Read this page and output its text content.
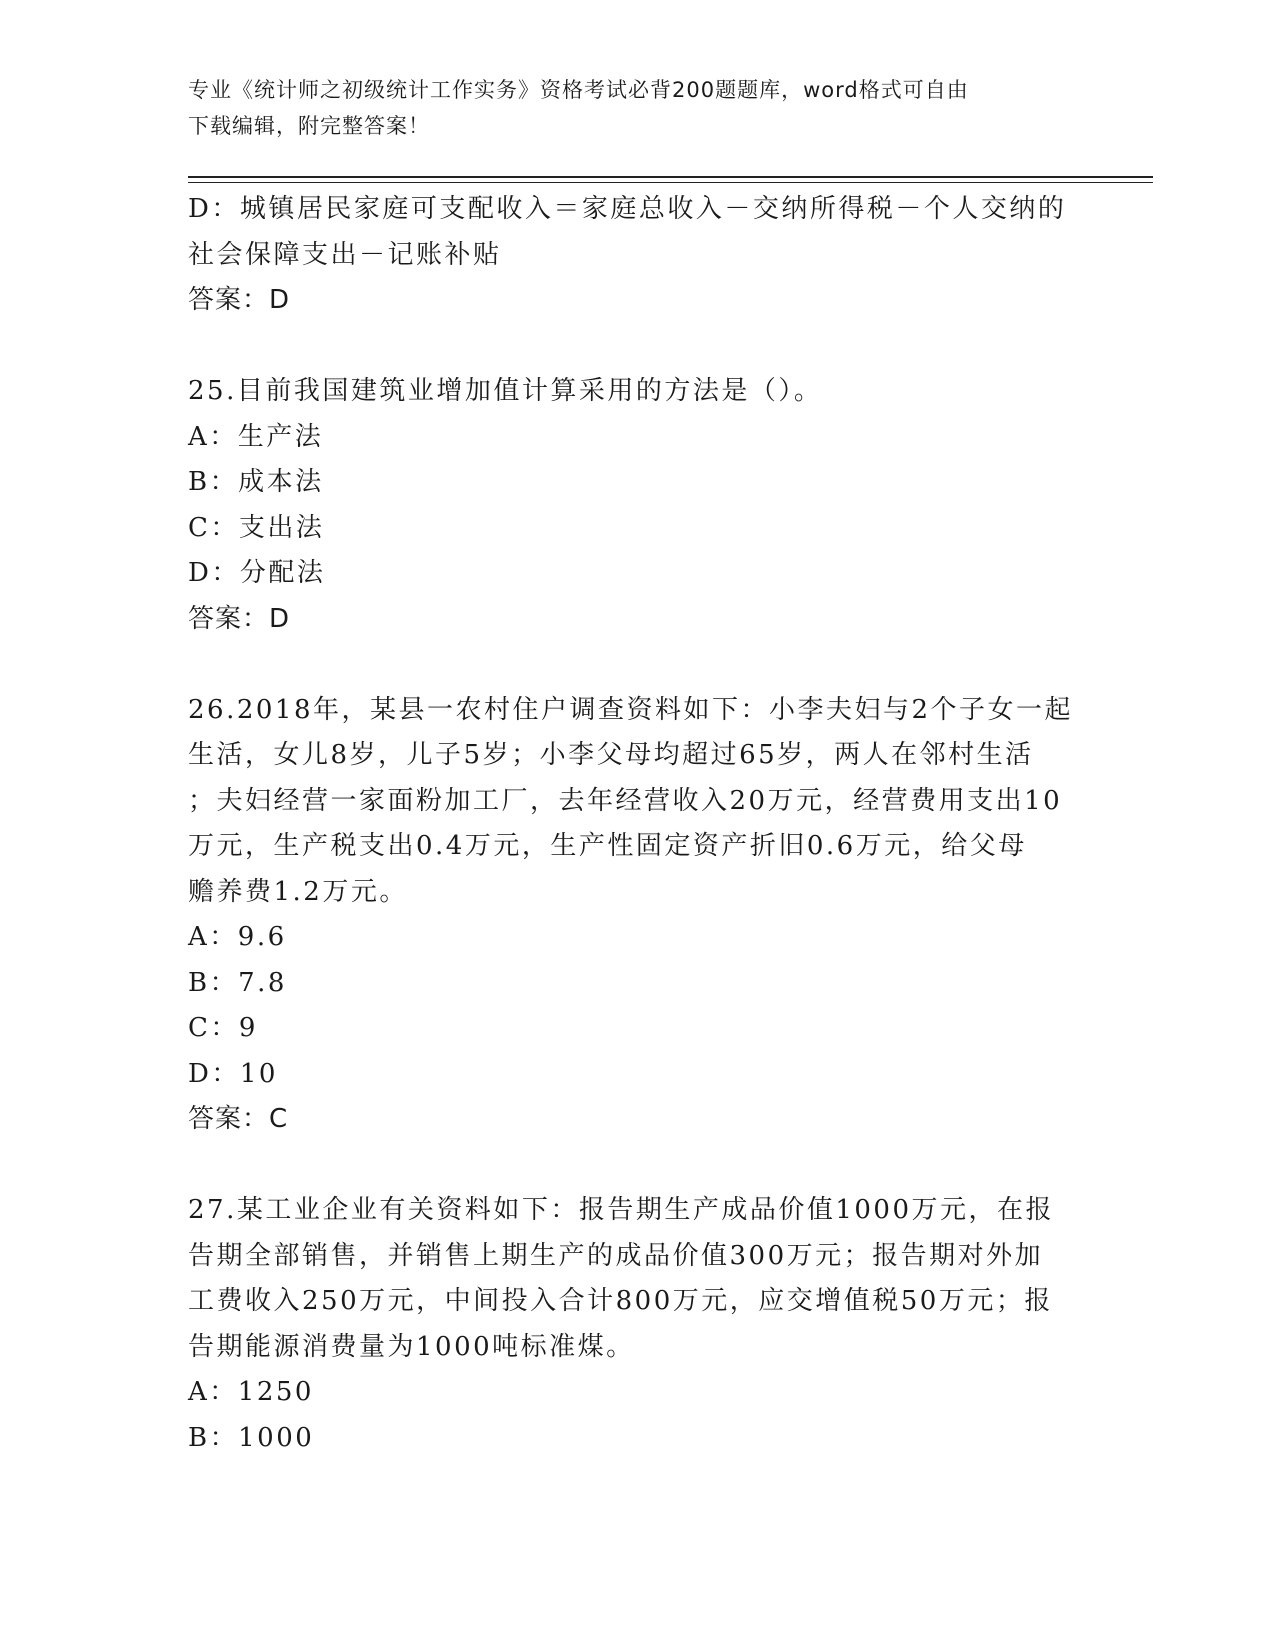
专业《统计师之初级统计工作实务》资格考试必背200题题库，word格式可自由
下载编辑，附完整答案！

D：城镇居民家庭可支配收入＝家庭总收入－交纳所得税－个人交纳的

社会保障支出－记账补贴

答案：D

25.目前我国建筑业增加值计算采用的方法是（）。

A：生产法

B：成本法

C：支出法

D：分配法

答案：D

26.2018年，某县一农村住户调查资料如下：小李夫妇与2个子女一起

生活，女儿8岁，儿子5岁；小李父母均超过65岁，两人在邻村生活

；夫妇经营一家面粉加工厂，去年经营收入20万元，经营费用支出10

万元，生产税支出0.4万元，生产性固定资产折旧0.6万元，给父母

赡养费1.2万元。

A：9.6

B：7.8

C：9

D：10

答案：C

27.某工业企业有关资料如下：报告期生产成品价值1000万元，在报

告期全部销售，并销售上期生产的成品价值300万元；报告期对外加

工费收入250万元，中间投入合计800万元，应交增值税50万元；报

告期能源消费量为1000吨标准煤。

A：1250

B：1000
